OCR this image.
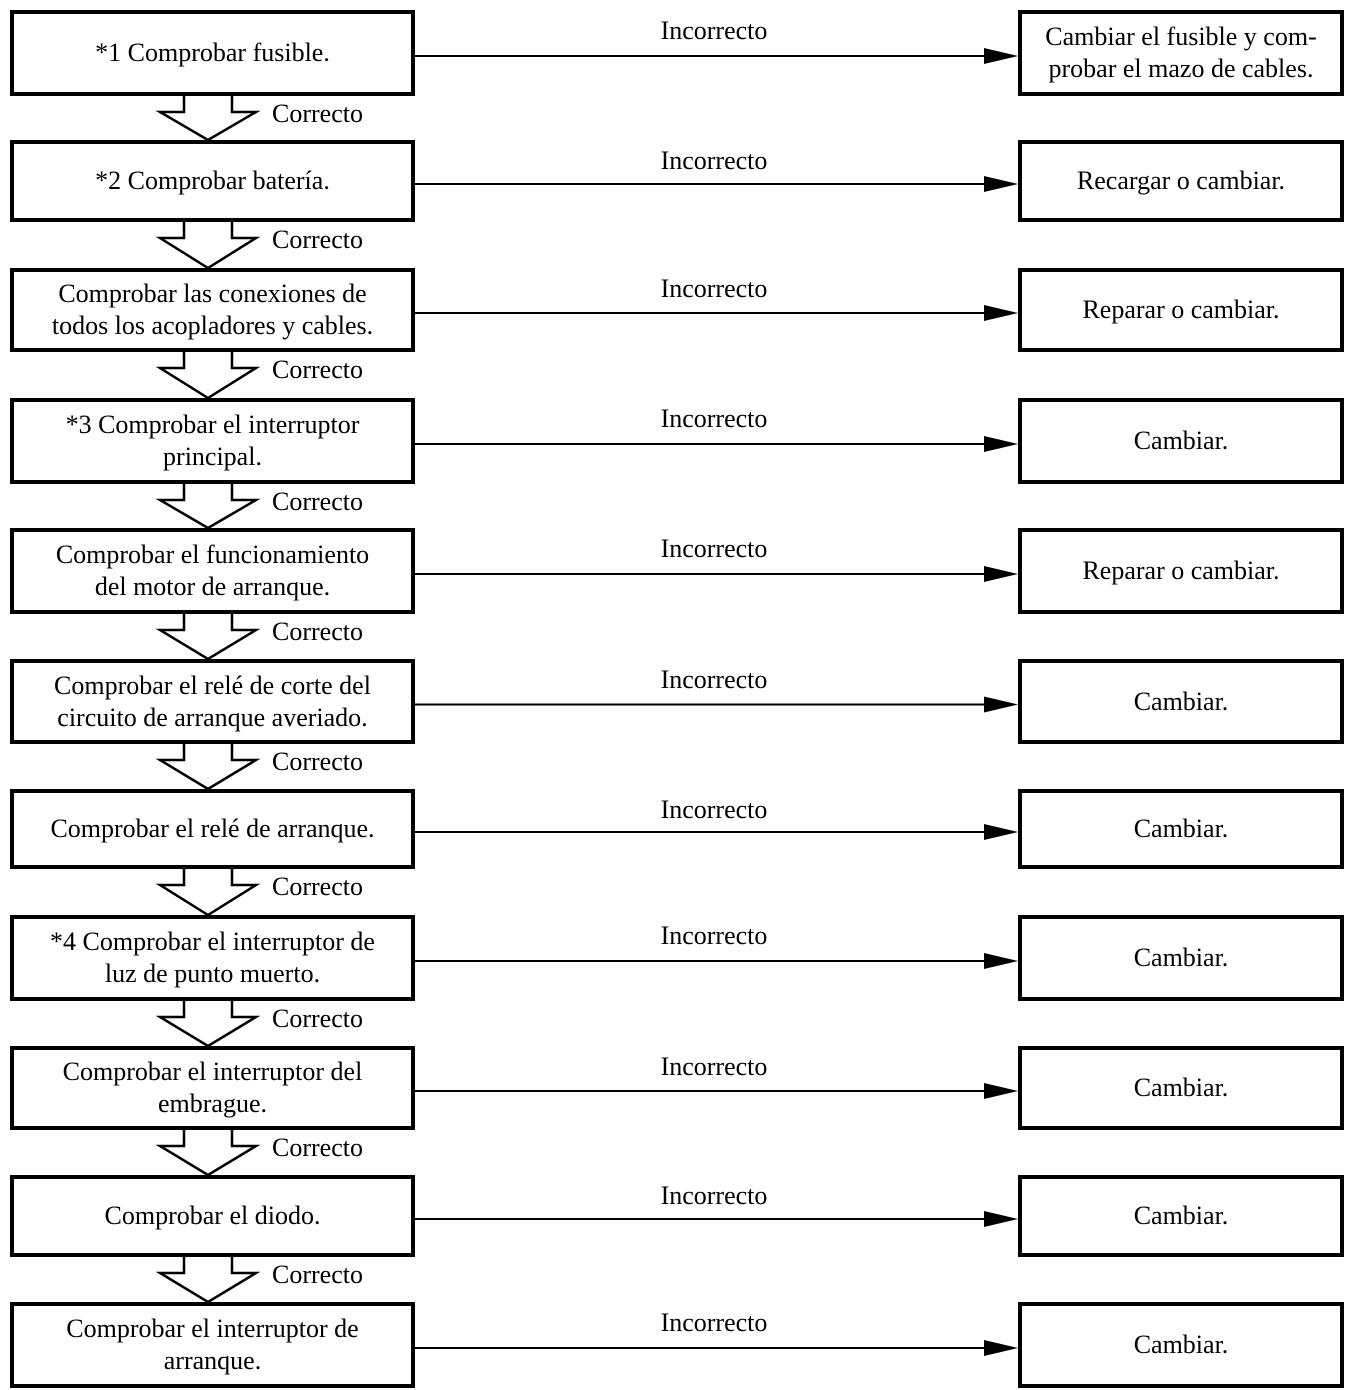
*1 Comprobar fusible.
Cambiar el fusible y com-
probar el mazo de cables.
Incorrecto
Correcto
*2 Comprobar batería.	Recargar o cambiar.
Incorrecto
Correcto
Comprobar las conexiones de
todos los acopladores y cables.
Reparar o cambiar.
Incorrecto
Correcto
*3 Comprobar el interruptor
principal.
Cambiar.
Incorrecto
Correcto
Comprobar el funcionamiento
del motor de arranque.
Reparar o cambiar.
Incorrecto
Correcto
Comprobar el relé de corte del
circuito de arranque averiado.
Cambiar.
Incorrecto
Correcto
Comprobar el relé de arranque.	Cambiar.
Incorrecto
Correcto
*4 Comprobar el interruptor de
luz de punto muerto.
Cambiar.
Incorrecto
Correcto
Comprobar el interruptor del
embrague.
Cambiar.
Incorrecto
Correcto
Comprobar el diodo.	Cambiar.
Incorrecto
Correcto
Comprobar el interruptor de
arranque.
Cambiar.
Incorrecto
